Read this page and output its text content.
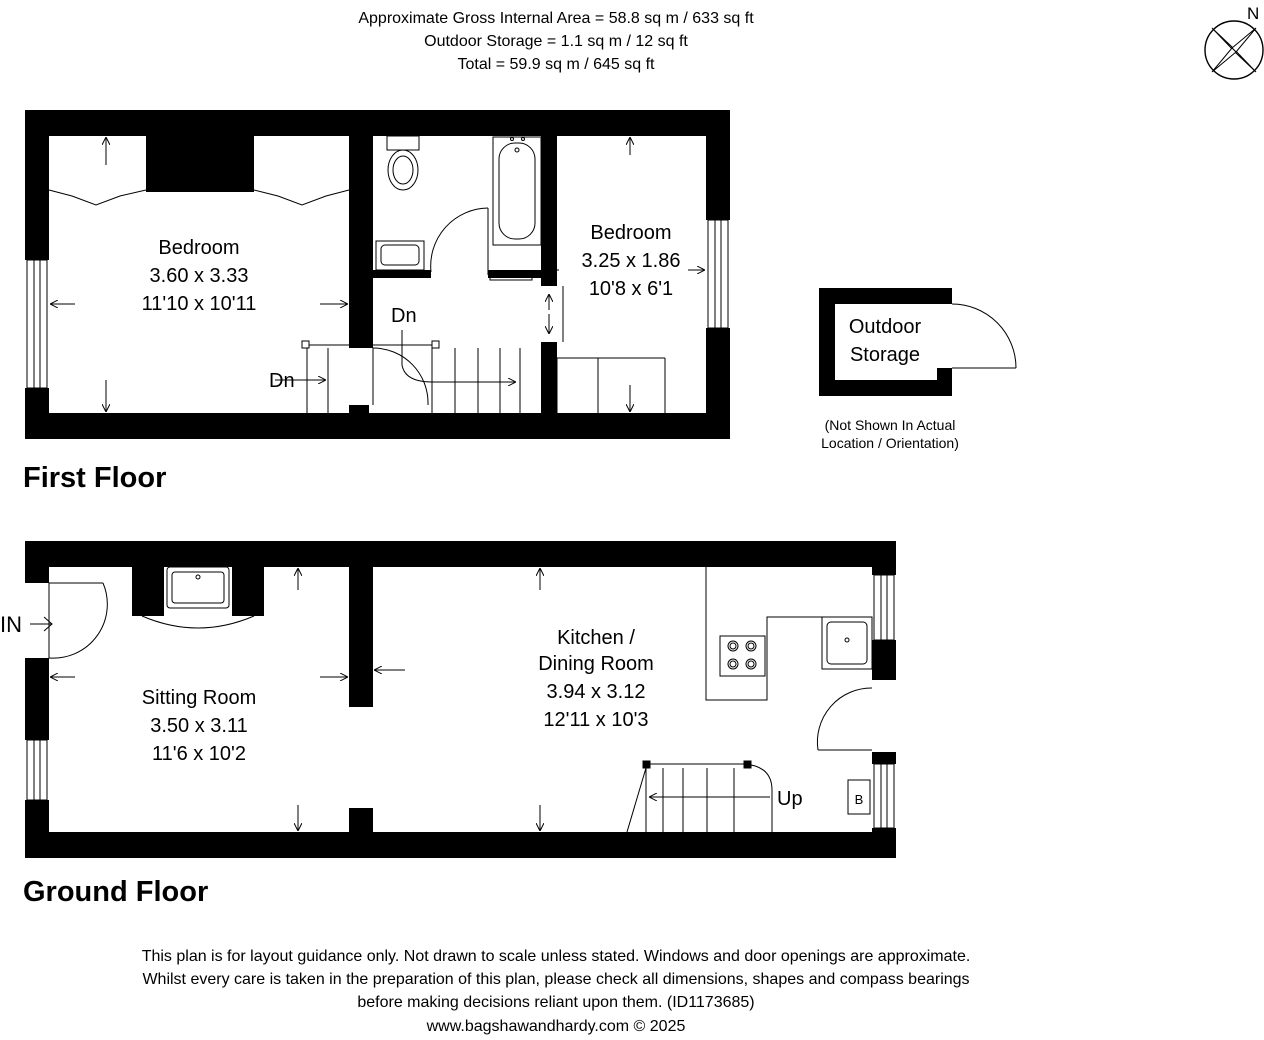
Approximate Gross Internal Area = 58.8 sq m / 633 sq ft
Outdoor Storage = 1.1 sq m / 12 sq ft
Total = 59.9 sq m / 645 sq ft
N
Bedroom
3.60 x 3.33
11'10 x 10'11
Bedroom
3.25 x 1.86
10'8 x 6'1
Dn
Dn
Outdoor
Storage
(Not Shown In Actual
Location / Orientation)
B
Up
IN
Sitting Room
3.50 x 3.11
11'6 x 10'2
Kitchen /
Dining Room
3.94 x 3.12
12'11 x 10'3
First Floor
Ground Floor
This plan is for layout guidance only. Not drawn to scale unless stated. Windows and door openings are approximate.
Whilst every care is taken in the preparation of this plan, please check all dimensions, shapes and compass bearings
before making decisions reliant upon them. (ID1173685)
www.bagshawandhardy.com © 2025
